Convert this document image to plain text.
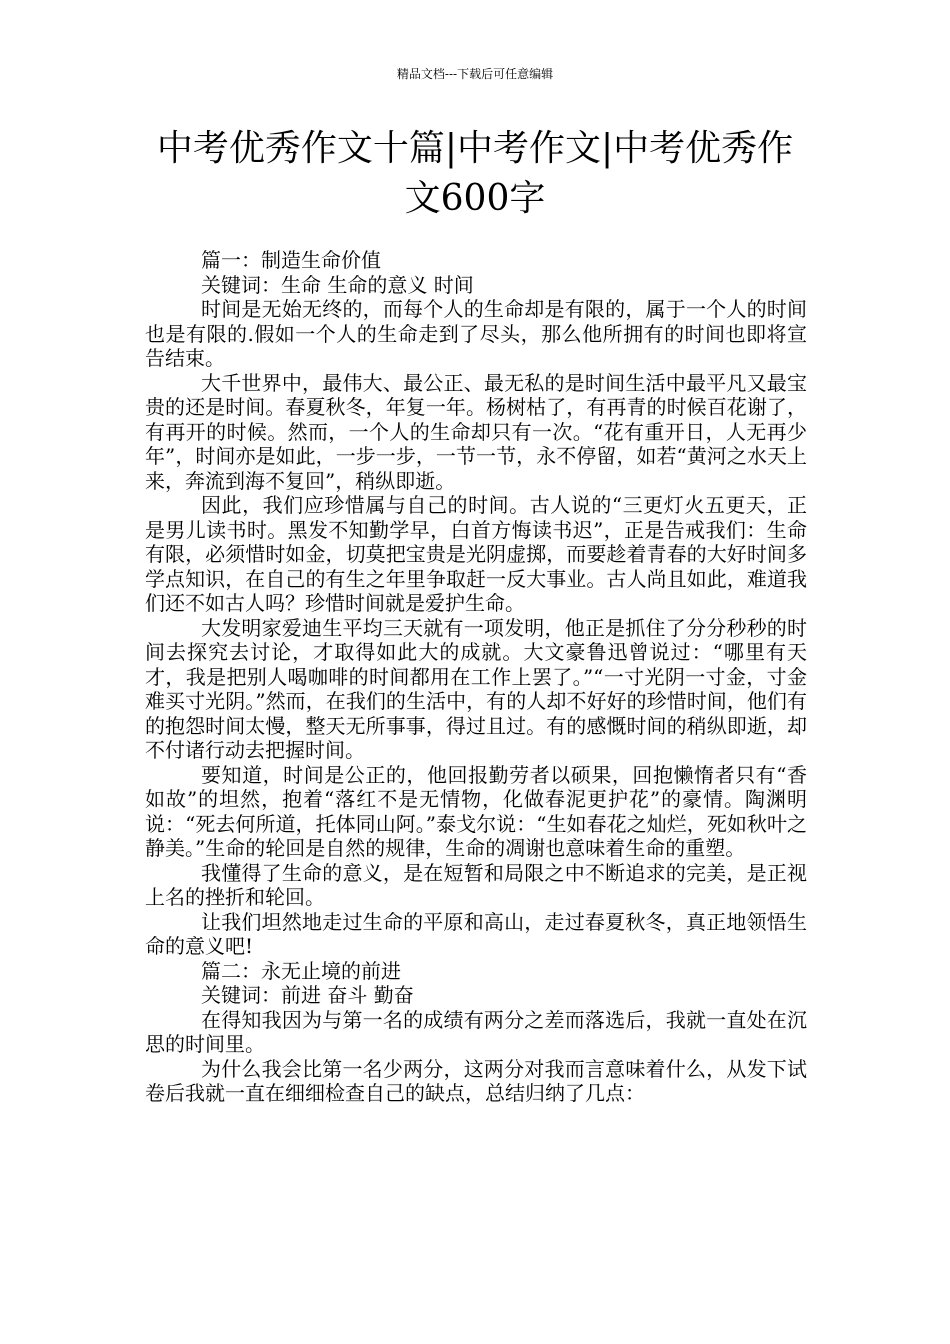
精品文档---下载后可任意编辑
中考优秀作文十篇|中考作文|中考优秀作
文600字

篇一：制造生命价值

关键词：生命 生命的意义 时间

时间是无始无终的，而每个人的生命却是有限的，属于一个人的时间也是有限的.假如一个人的生命走到了尽头，那么他所拥有的时间也即将宣告结束。

大千世界中，最伟大、最公正、最无私的是时间生活中最平凡又最宝贵的还是时间。春夏秋冬，年复一年。杨树枯了，有再青的时候百花谢了，有再开的时候。然而，一个人的生命却只有一次。“花有重开日，人无再少年”，时间亦是如此，一步一步，一节一节，永不停留，如若“黄河之水天上来，奔流到海不复回”，稍纵即逝。

因此，我们应珍惜属与自己的时间。古人说的“三更灯火五更天，正是男儿读书时。黑发不知勤学早，白首方悔读书迟”，正是告戒我们：生命有限，必须惜时如金，切莫把宝贵是光阴虚掷，而要趁着青春的大好时间多学点知识，在自己的有生之年里争取赶一反大事业。古人尚且如此，难道我们还不如古人吗？珍惜时间就是爱护生命。

大发明家爱迪生平均三天就有一项发明，他正是抓住了分分秒秒的时间去探究去讨论，才取得如此大的成就。大文豪鲁迅曾说过：“哪里有天才，我是把别人喝咖啡的时间都用在工作上罢了。”“一寸光阴一寸金，寸金难买寸光阴。”然而，在我们的生活中，有的人却不好好的珍惜时间，他们有的抱怨时间太慢，整天无所事事，得过且过。有的感慨时间的稍纵即逝，却不付诸行动去把握时间。

要知道，时间是公正的，他回报勤劳者以硕果，回抱懒惰者只有“香如故”的坦然，抱着“落红不是无情物，化做春泥更护花”的豪情。陶渊明说：“死去何所道，托体同山阿。”泰戈尔说：“生如春花之灿烂，死如秋叶之静美。”生命的轮回是自然的规律，生命的凋谢也意味着生命的重塑。

我懂得了生命的意义，是在短暂和局限之中不断追求的完美，是正视上名的挫折和轮回。

让我们坦然地走过生命的平原和高山，走过春夏秋冬，真正地领悟生命的意义吧!

篇二：永无止境的前进

关键词：前进 奋斗 勤奋

在得知我因为与第一名的成绩有两分之差而落选后，我就一直处在沉思的时间里。

为什么我会比第一名少两分，这两分对我而言意味着什么，从发下试卷后我就一直在细细检查自己的缺点，总结归纳了几点：
